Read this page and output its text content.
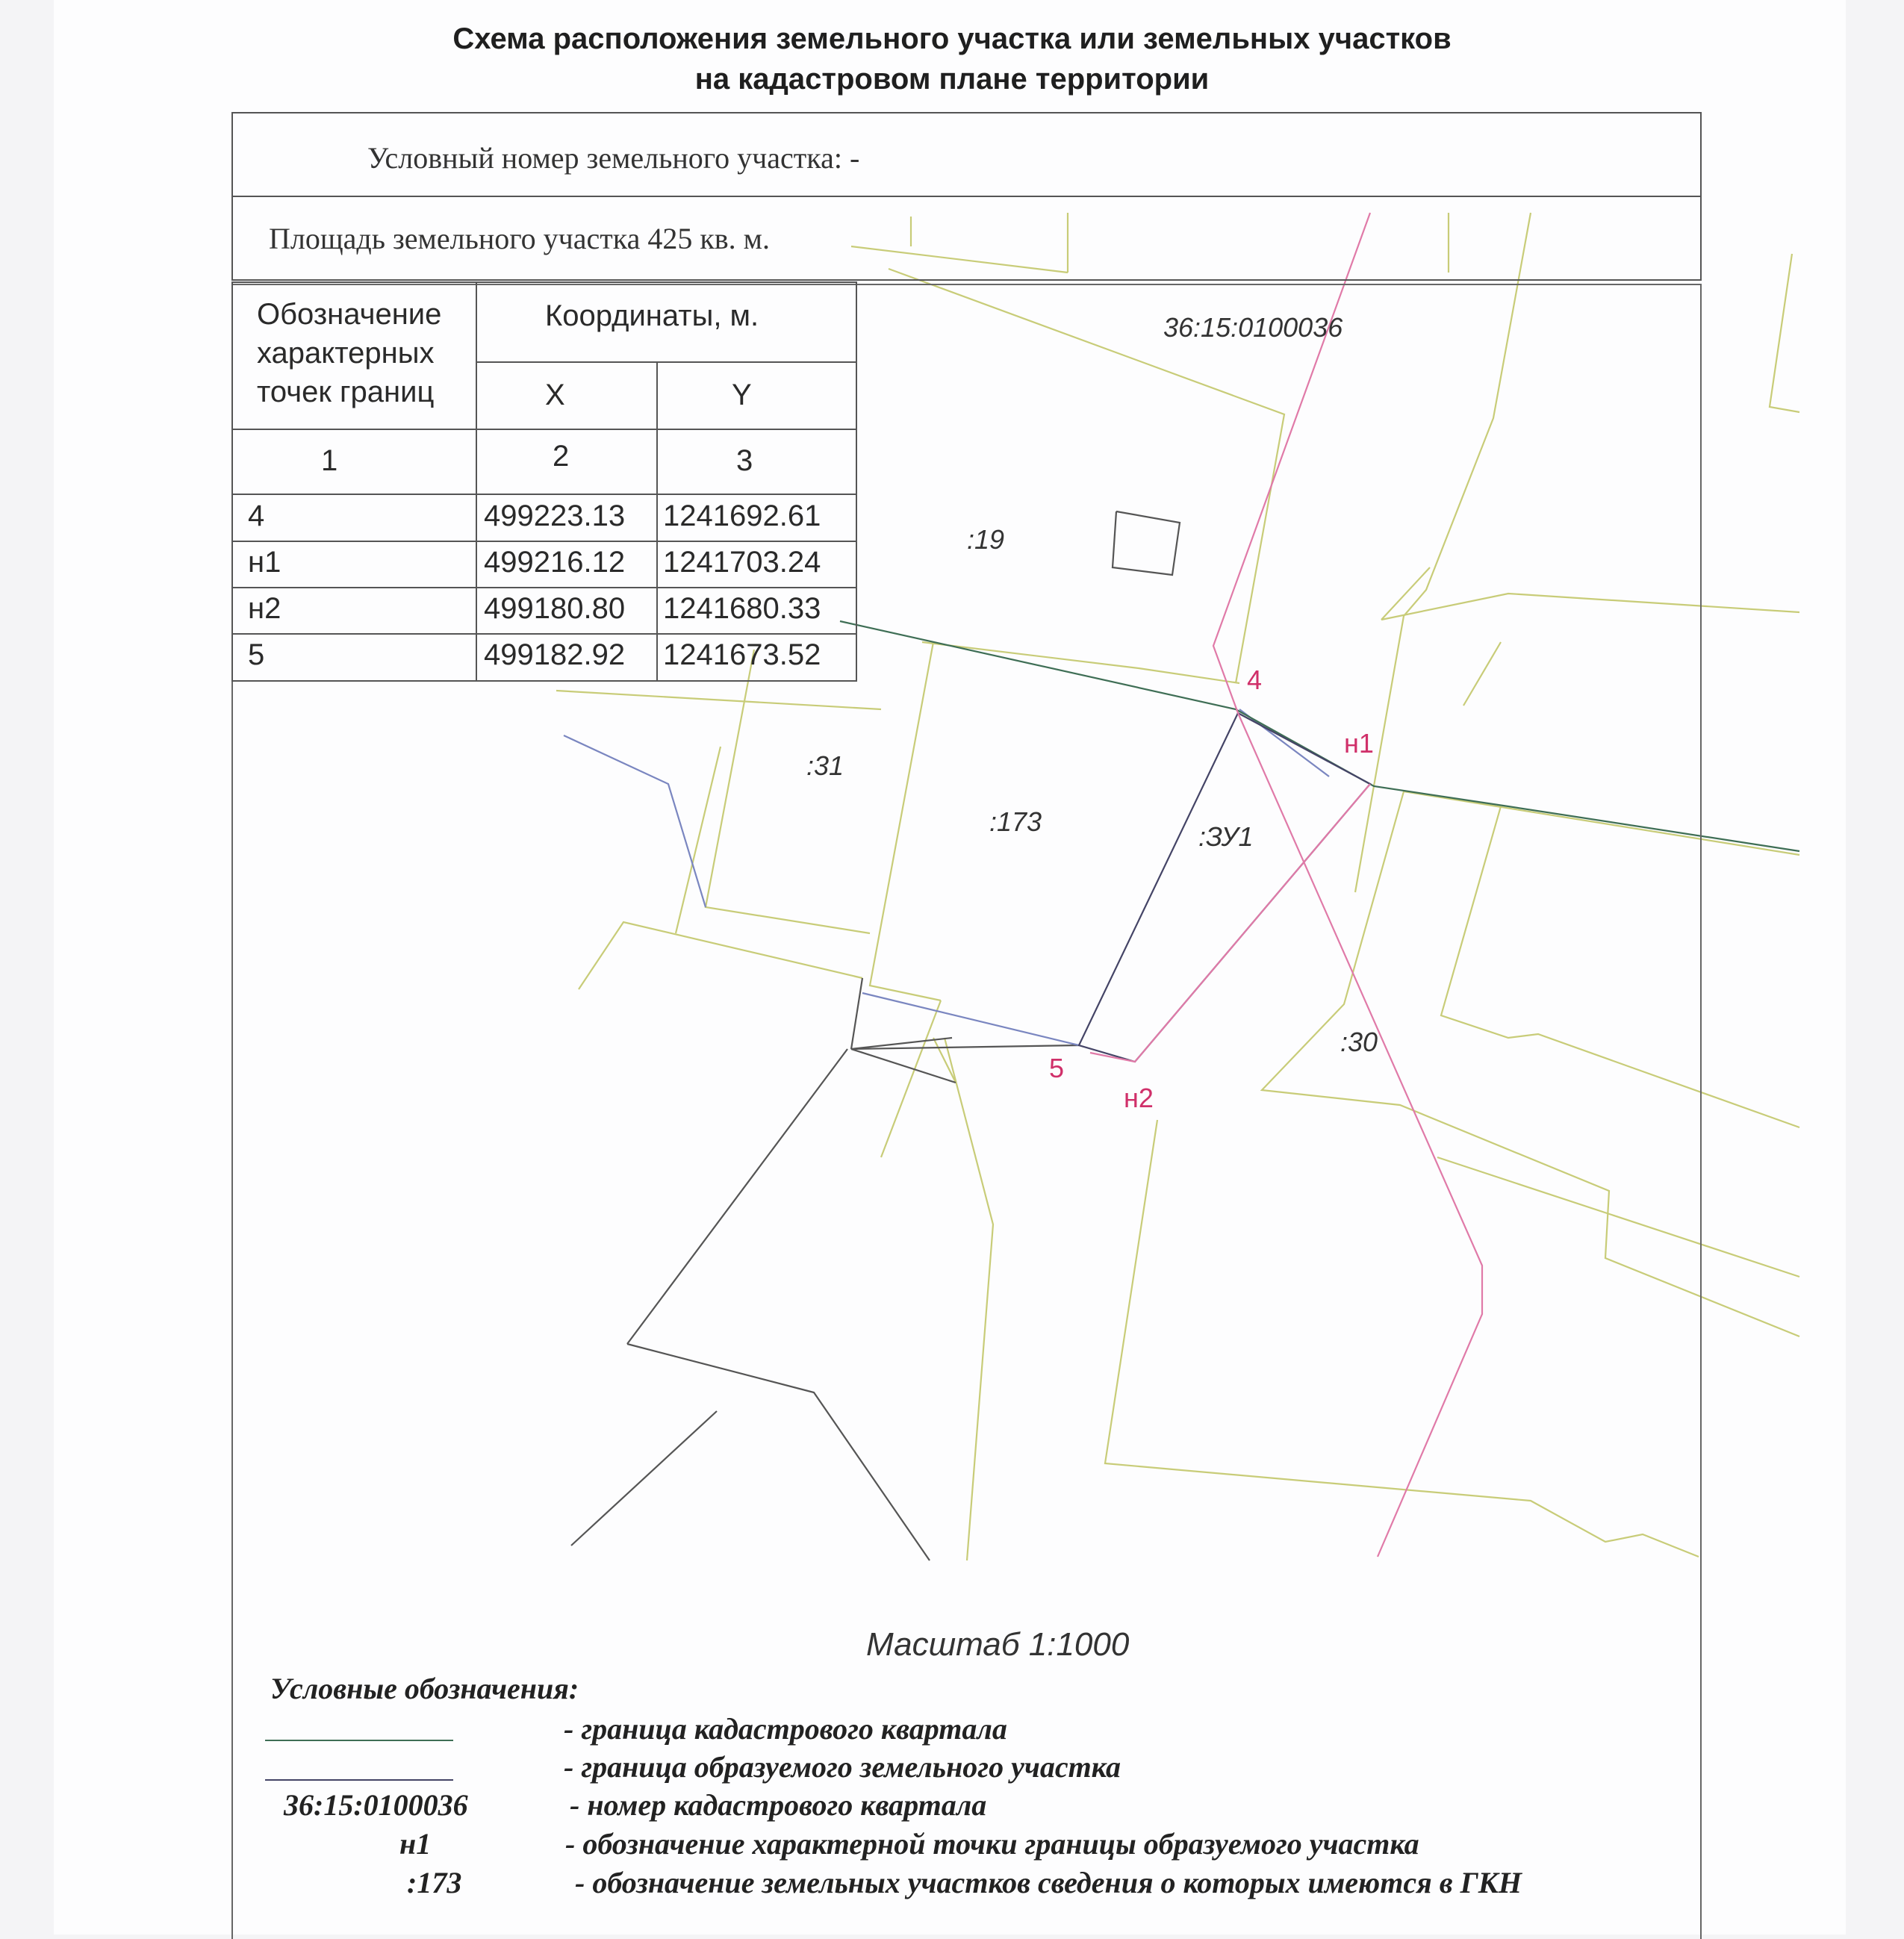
Схема расположения земельного участка или земельных участков
на кадастровом плане территории
36:15:0100036
:19
:31
:173	:ЗУ1
:30
4
н1
5
н2
Условный номер земельного участка: -
Площадь земельного участка 425 кв. м.
Обозначение
характерных
точек границ
Координаты, м.
X	Y
1	2	3
4	499223.13 1241692.61
н1	499216.12 1241703.24
н2	499180.80 1241680.33
5	499182.92 1241673.52
Масштаб 1:1000
Условные обозначения:
- граница кадастрового квартала
- граница образуемого земельного участка
36:15:0100036	- номер кадастрового квартала
н1	- обозначение характерной точки границы образуемого участка
:173	- обозначение земельных участков сведения о которых имеются в ГКН
